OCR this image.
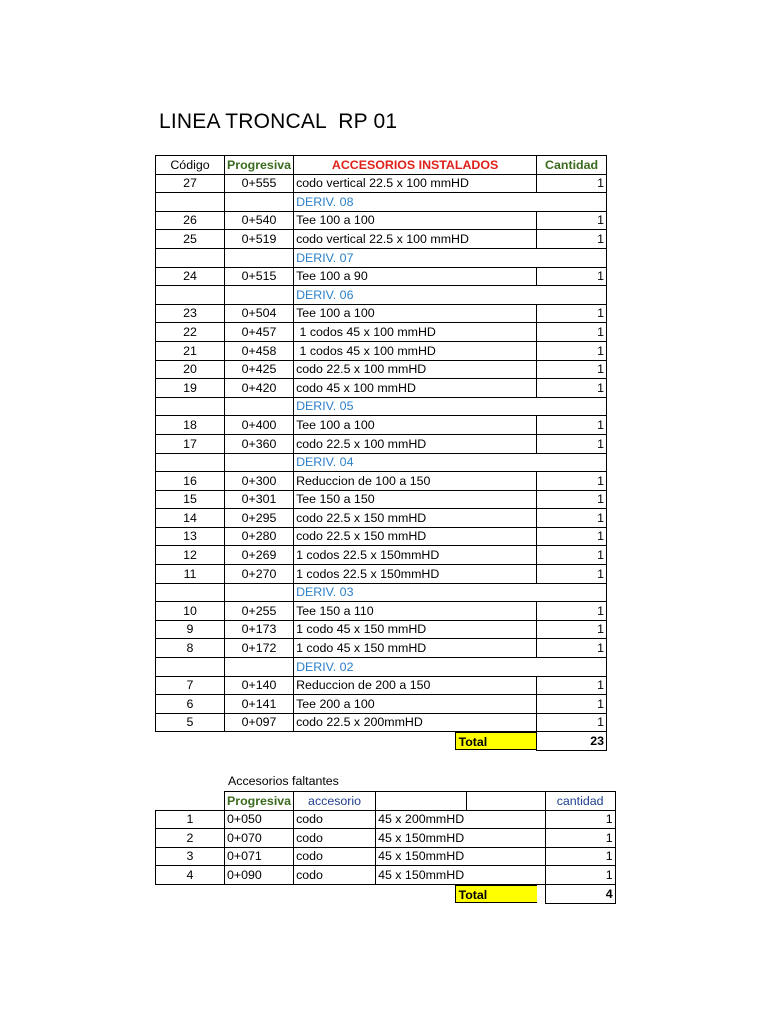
LINEA TRONCAL  RP 01
Código	Progresiva	ACCESORIOS INSTALADOS	Cantidad
27	0+555	codo vertical 22.5 x 100 mmHD	1
		DERIV. 08	
26	0+540	Tee 100 a 100	1
25	0+519	codo vertical 22.5 x 100 mmHD	1
		DERIV. 07	
24	0+515	Tee 100 a 90	1
		DERIV. 06	
23	0+504	Tee 100 a 100	1
22	0+457	1 codos 45 x 100 mmHD	1
21	0+458	1 codos 45 x 100 mmHD	1
20	0+425	codo 22.5 x 100 mmHD	1
19	0+420	codo 45 x 100 mmHD	1
		DERIV. 05	
18	0+400	Tee 100 a 100	1
17	0+360	codo 22.5 x 100 mmHD	1
		DERIV. 04	
16	0+300	Reduccion de 100 a 150	1
15	0+301	Tee 150 a 150	1
14	0+295	codo 22.5 x 150 mmHD	1
13	0+280	codo 22.5 x 150 mmHD	1
12	0+269	1 codos 22.5 x 150mmHD	1
11	0+270	1 codos 22.5 x 150mmHD	1
		DERIV. 03	
10	0+255	Tee 150 a 110	1
9	0+173	1 codo 45 x 150 mmHD	1
8	0+172	1 codo 45 x 150 mmHD	1
		DERIV. 02	
7	0+140	Reduccion de 200 a 150	1
6	0+141	Tee 200 a 100	1
5	0+097	codo 22.5 x 200mmHD	1

		Total	23
Accesorios faltantes
	Progresiva	accesorio			cantidad
1	0+050	codo	45 x 200mmHD		1
2	0+070	codo	45 x 150mmHD		1
3	0+071	codo	45 x 150mmHD		1
4	0+090	codo	45 x 150mmHD		1

			Total		4
